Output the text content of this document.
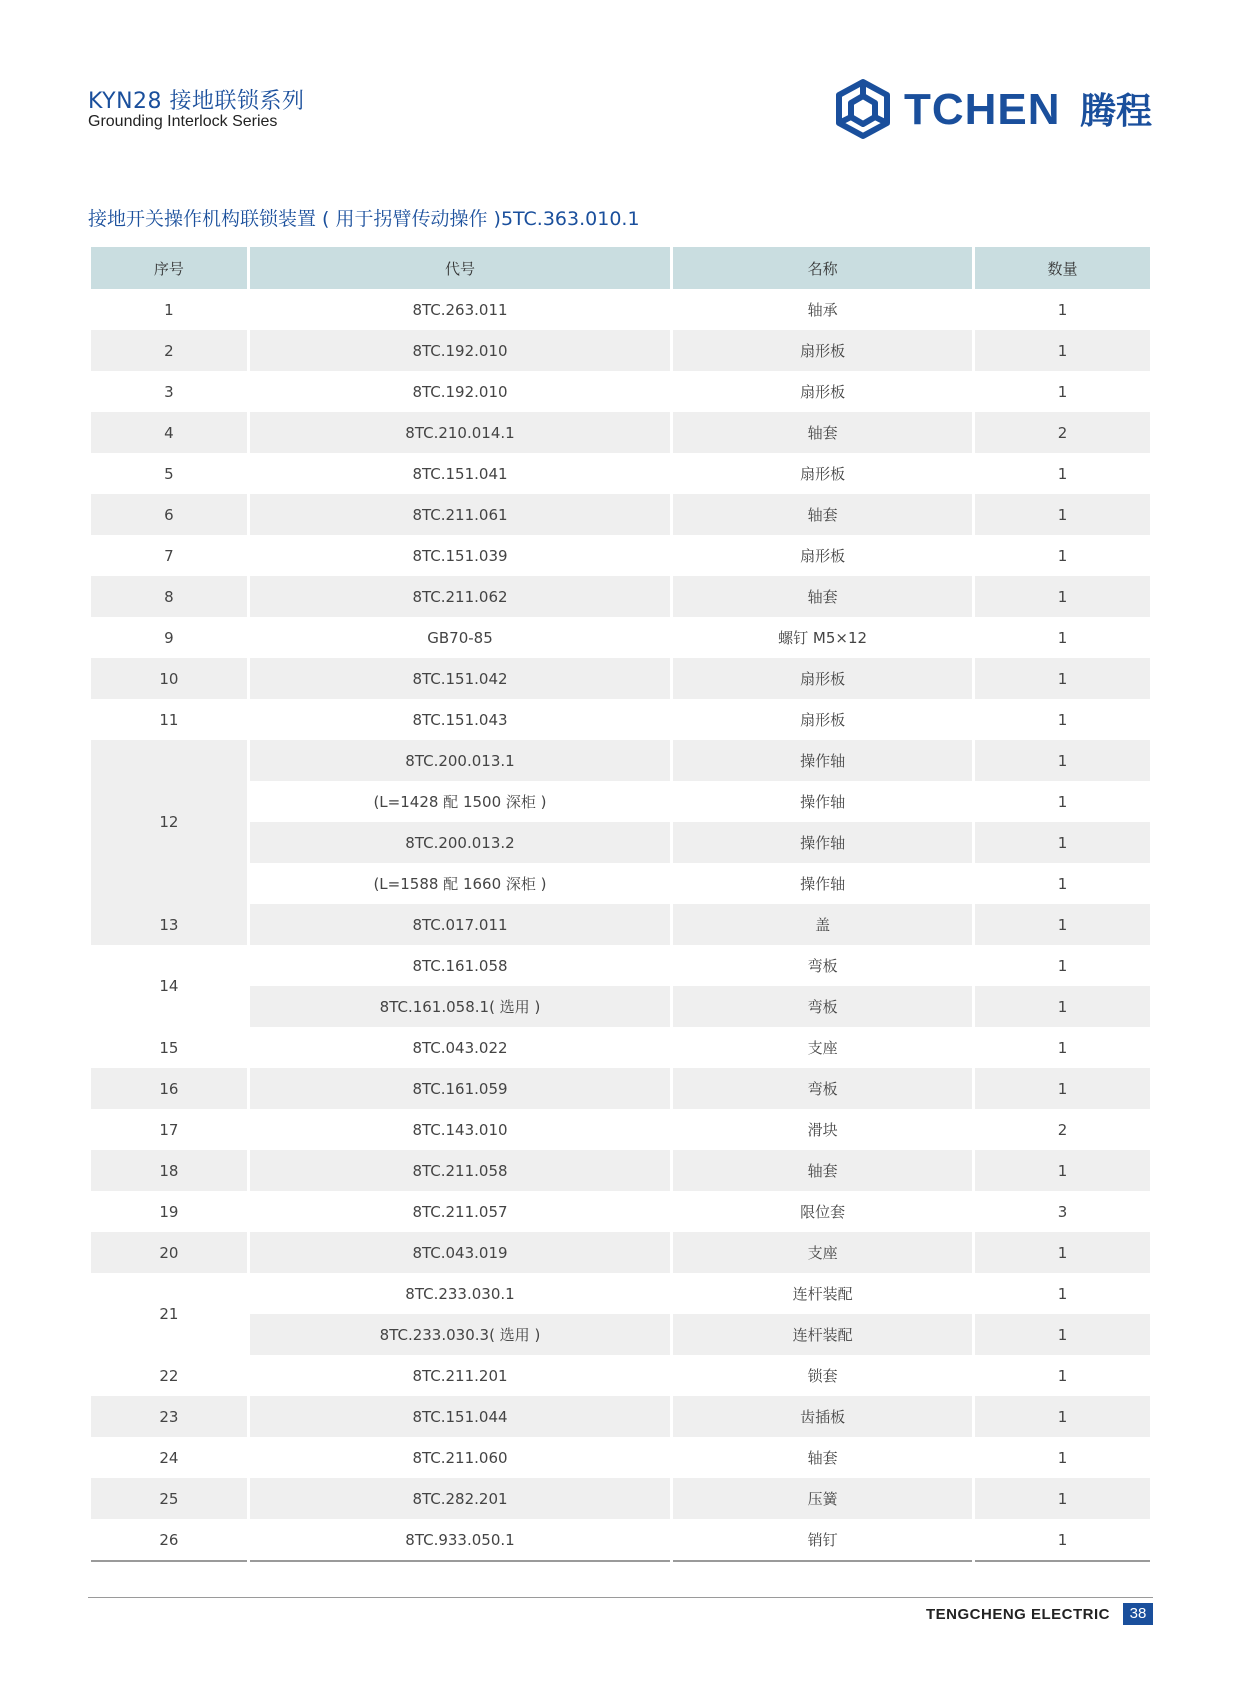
KYN28 接地联锁系列
Grounding Interlock Series	TCHEN 腾程
接地开关操作机构联锁装置 ( 用于拐臂传动操作 )5TC.363.010.1
序号	代号	名称	数量
1	8TC.263.011	轴承	1
2	8TC.192.010	扇形板	1
3	8TC.192.010	扇形板	1
4	8TC.210.014.1	轴套	2
5	8TC.151.041	扇形板	1
6	8TC.211.061	轴套	1
7	8TC.151.039	扇形板	1
8	8TC.211.062	轴套	1
9	GB70-85	螺钉 M5×12	1
10	8TC.151.042	扇形板	1
11	8TC.151.043	扇形板	1
12	8TC.200.013.1	操作轴	1
	(L=1428 配 1500 深柜 )	操作轴	1
	8TC.200.013.2	操作轴	1
	(L=1588 配 1660 深柜 )	操作轴	1
13	8TC.017.011	盖	1
14	8TC.161.058	弯板	1
	8TC.161.058.1( 选用 )	弯板	1
15	8TC.043.022	支座	1
16	8TC.161.059	弯板	1
17	8TC.143.010	滑块	2
18	8TC.211.058	轴套	1
19	8TC.211.057	限位套	3
20	8TC.043.019	支座	1
21	8TC.233.030.1	连杆装配	1
	8TC.233.030.3( 选用 )	连杆装配	1
22	8TC.211.201	锁套	1
23	8TC.151.044	齿插板	1
24	8TC.211.060	轴套	1
25	8TC.282.201	压簧	1
26	8TC.933.050.1	销钉	1
TENGCHENG ELECTRIC	38
